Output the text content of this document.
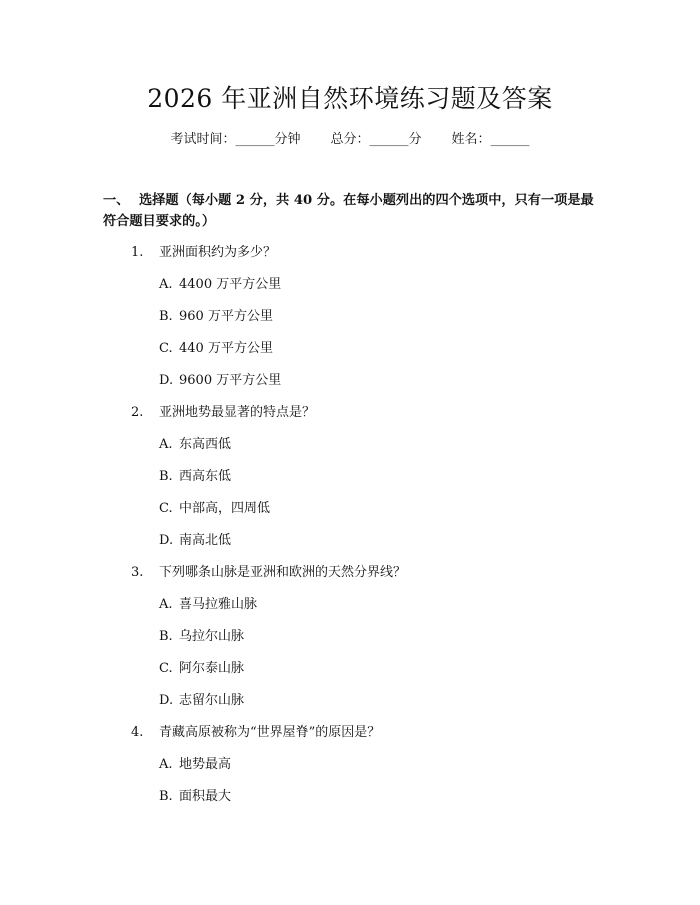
2026 年亚洲自然环境练习题及答案
考试时间：______分钟 总分：______分 姓名：______
一、 选择题（每小题 2 分，共 40 分。在每小题列出的四个选项中，只有一项是最符合题目要求的。）
1. 亚洲面积约为多少？
A. 4400 万平方公里
B. 960 万平方公里
C. 440 万平方公里
D. 9600 万平方公里
2. 亚洲地势最显著的特点是？
A. 东高西低
B. 西高东低
C. 中部高，四周低
D. 南高北低
3. 下列哪条山脉是亚洲和欧洲的天然分界线？
A. 喜马拉雅山脉
B. 乌拉尔山脉
C. 阿尔泰山脉
D. 志留尔山脉
4. 青藏高原被称为“世界屋脊”的原因是？
A. 地势最高
B. 面积最大
